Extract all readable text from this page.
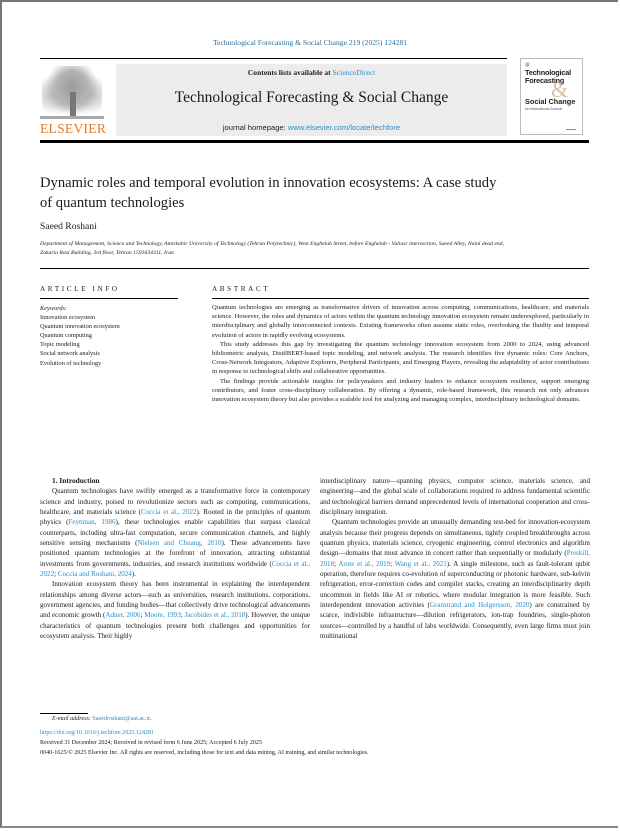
Technological Forecasting & Social Change 219 (2025) 124281
ELSEVIER
Contents lists available at ScienceDirect
Technological Forecasting & Social Change
journal homepage: www.elsevier.com/locate/techfore
▦
Technological
Forecasting
&
Social Change
An International Journal
Dynamic roles and temporal evolution in innovation ecosystems: A case study of quantum technologies
Saeed Roshani
Department of Management, Science and Technology, Amirkabir University of Technology (Tehran Polytechnic), West Enghelab Street, before Enghelab - Valiasr intersection, Saeed Alley, Naini dead end, Zakaria Razi Building, 3rd floor, Tehran 1591634311, Iran
ARTICLE INFO	ABSTRACT
Keywords:
Innovation ecosystem
Quantum innovation ecosystem
Quantum computing
Topic modeling
Social network analysis
Evolution of technology

Quantum technologies are emerging as transformative drivers of innovation across computing, communications, healthcare, and materials science. However, the roles and dynamics of actors within the quantum technology innovation ecosystem remain underexplored, particularly in interdisciplinary and globally interconnected contexts. Existing frameworks often assume static roles, overlooking the fluidity and temporal evolution of actors in rapidly evolving ecosystems.

This study addresses this gap by investigating the quantum technology innovation ecosystem from 2000 to 2024, using advanced bibliometric analysis, DistilBERT-based topic modeling, and network analysis. The research identifies five dynamic roles: Core Anchors, Cross-Network Integrators, Adaptive Explorers, Peripheral Participants, and Emerging Players, revealing the adaptability of actor contributions in response to technological shifts and collaborative opportunities.

The findings provide actionable insights for policymakers and industry leaders to enhance ecosystem resilience, support emerging contributors, and foster cross-disciplinary collaboration. By offering a dynamic, role-based framework, this research not only advances innovation ecosystem theory but also provides a scalable tool for analyzing and managing complex, interdisciplinary technological domains.

1. Introduction

Quantum technologies have swiftly emerged as a transformative force in contemporary science and industry, poised to revolutionize sectors such as computing, communications, healthcare, and materials science (Coccia et al., 2022). Rooted in the principles of quantum physics (Feynman, 1986), these technologies enable capabilities that surpass classical counterparts, including ultra-fast computation, secure communication channels, and highly sensitive sensing mechanisms (Nielsen and Chuang, 2010). These advancements have positioned quantum technologies at the forefront of innovation, attracting substantial investments from governments, industries, and research institutions worldwide (Coccia et al., 2022; Coccia and Roshani, 2024).

Innovation ecosystem theory has been instrumental in explaining the interdependent relationships among diverse actors—such as universities, research institutions, corporations, government agencies, and funding bodies—that collectively drive technological advancements and economic growth (Adner, 2006; Moore, 1993; Jacobides et al., 2018). However, the unique characteristics of quantum technologies present both challenges and opportunities for ecosystem analysis. Their highly

interdisciplinary nature—spanning physics, computer science, materials science, and engineering—and the global scale of collaborations required to address fundamental scientific and technological barriers demand unprecedented levels of international cooperation and cross-disciplinary integration.

Quantum technologies provide an unusually demanding test-bed for innovation-ecosystem analysis because their progress depends on simultaneous, tightly coupled breakthroughs across quantum physics, materials science, cryogenic engineering, control electronics and algorithm design—domains that must advance in concert rather than sequentially or modularly (Preskill, 2018; Arute et al., 2019; Wang et al., 2021). A single milestone, such as fault-tolerant qubit operation, therefore requires co-evolution of superconducting or photonic hardware, sub-kelvin refrigeration, error-correction codes and compiler stacks, creating an interdisciplinarity depth uncommon in fields like AI or robotics, where modular integration is more feasible. Such interdependent innovation activities (Granstrand and Holgersson, 2020) are constrained by scarce, indivisible infrastructure—dilution refrigerators, ion-trap foundries, single-photon sources—controlled by a handful of labs worldwide. Consequently, even large firms must join multinational

E-mail address: Saeedroshani@aut.ac.ir.
https://doi.org/10.1016/j.techfore.2025.124281
Received 31 December 2024; Received in revised form 6 June 2025; Accepted 6 July 2025
0040-1625/© 2025 Elsevier Inc. All rights are reserved, including those for text and data mining, AI training, and similar technologies.
